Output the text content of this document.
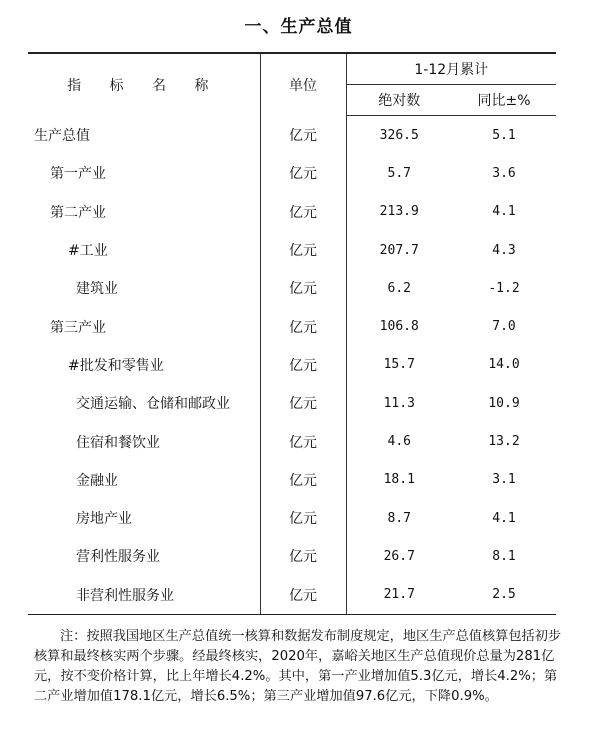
一、生产总值
指 标 名 称	单位	1-12月累计	
		绝对数	同比±%
生产总值	亿元	326.5	5.1
第一产业	亿元	5.7	3.6
第二产业	亿元	213.9	4.1
#工业	亿元	207.7	4.3
建筑业	亿元	6.2	-1.2
第三产业	亿元	106.8	7.0
#批发和零售业	亿元	15.7	14.0
交通运输、仓储和邮政业	亿元	11.3	10.9
住宿和餐饮业	亿元	4.6	13.2
金融业	亿元	18.1	3.1
房地产业	亿元	8.7	4.1
营利性服务业	亿元	26.7	8.1
非营利性服务业	亿元	21.7	2.5
注：按照我国地区生产总值统一核算和数据发布制度规定，地区生产总值核算包括初步核算和最终核实两个步骤。经最终核实，2020年，嘉峪关地区生产总值现价总量为281亿元，按不变价格计算，比上年增长4.2%。其中，第一产业增加值5.3亿元，增长4.2%；第二产业增加值178.1亿元，增长6.5%；第三产业增加值97.6亿元，下降0.9%。
